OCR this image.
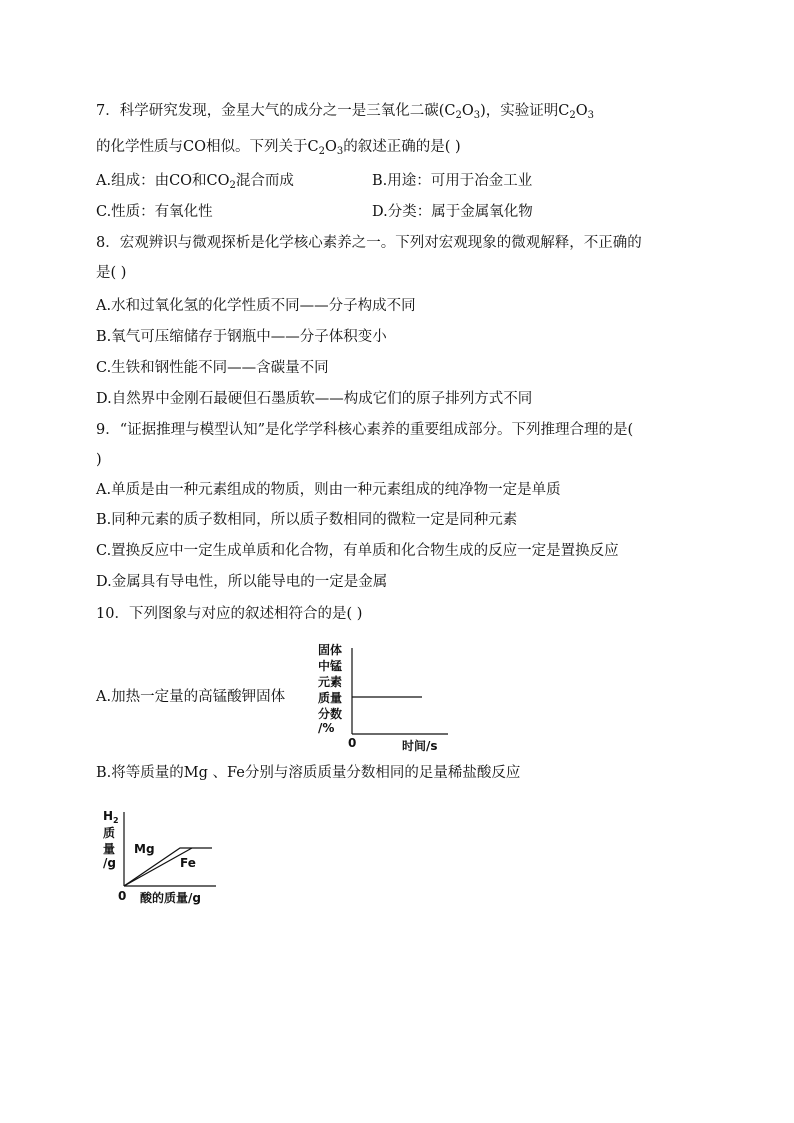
7．科学研究发现，金星大气的成分之一是三氧化二碳$(C_2O_3)$，实验证明$C_2O_3$
的化学性质与CO相似。下列关于$C_2O_3$的叙述正确的是( )
A.组成：由CO和$CO_2$混合而成	B.用途：可用于冶金工业
C.性质：有氧化性	D.分类：属于金属氧化物
8．宏观辨识与微观探析是化学核心素养之一。下列对宏观现象的微观解释，不正确的
是( )
A.水和过氧化氢的化学性质不同——分子构成不同
B.氧气可压缩储存于钢瓶中——分子体积变小
C.生铁和钢性能不同——含碳量不同
D.自然界中金刚石最硬但石墨质软——构成它们的原子排列方式不同
9．“证据推理与模型认知”是化学学科核心素养的重要组成部分。下列推理合理的是(
)
A.单质是由一种元素组成的物质，则由一种元素组成的纯净物一定是单质
B.同种元素的质子数相同，所以质子数相同的微粒一定是同种元素
C.置换反应中一定生成单质和化合物，有单质和化合物生成的反应一定是置换反应
D.金属具有导电性，所以能导电的一定是金属
10．下列图象与对应的叙述相符合的是( )
A.加热一定量的高锰酸钾固体
固体
中锰
元素
质量
分数
/%
0	时间/s
B.将等质量的Mg 、Fe分别与溶质质量分数相同的足量稀盐酸反应
$H_2$
质
量
/g
Mg
Fe
0 酸的质量/g
